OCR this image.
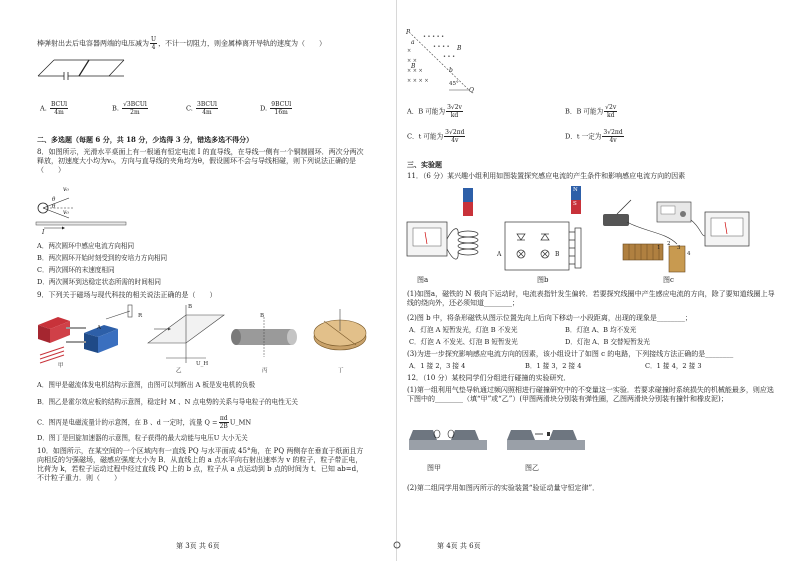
棒弹射出去后电容器两端的电压减为 $\frac{U}{4}$ ，不计一切阻力，则金属棒离开导轨的速度为（　　）
A. $\frac{\text{BCUl}}{4m}$	B. $\frac{\text{√3BCUl}}{2m}$	C. $\frac{\text{3BCUl}}{4m}$	D. $\frac{\text{9BCUl}}{16m}$
二、多选题（每题 6 分，共 18 分，少选得 3 分，错选多选不得分）
8．如图所示，光滑水平桌面上有一根通有恒定电流 I 的直导线，在导线一侧有一个铜制圆环．两次分两次释放，初速度大小均为v₀，方向与直导线的夹角均为θ，假设圆环不会与导线相碰，则下列说法正确的是（　　）
v₀
v₀
θ
θ
I
A．两次圆环中感应电流方向相同
B．两次圆环开始时刻受到的安培力方向相同
C．两次圆环的末速度相同
D．两次圆环到达稳定状态所需的时间相同
9．下列关于磁场与现代科技的相关说法正确的是（　　）
N
R
A
甲
B
U_H
乙
B
丙	丁
A．图甲是磁流体发电机结构示意图，由图可以判断出 A 板是发电机的负极
B．图乙是霍尔效应板的结构示意图，稳定时 M 、N 点电势的关系与导电粒子的电性无关
C．图丙是电磁流量计的示意图，在 B 、d 一定时，流量 $Q = \frac{\pi d}{2B}$ U_MN
D．图丁是回旋加速器的示意图，粒子获得的最大动能与电压U 大小无关
10．如图所示，在某空间的一个区域内有一直线 PQ 与水平面成 45°角，在 PQ 两侧存在垂直于纸面且方向相反的匀强磁场，磁感应强度大小为 B．从直线上的 a 点水平向右射出速率为 v 的粒子，粒子带正电，比荷为 k，若粒子运动过程中经过直线 PQ 上的 b 点，粒子从 a 点运动到 b 点的时间为 t．已知 ab=d，不计粒子重力．则（　　）
第 3页 共 6页
• • • • •
• • • •
• • •
×
× ×
× × ×
× × × ×
P
a
b
B
B
45°
Q
A．B 可能为 $\frac{3√2v}{kd}$	B．B 可能为 $\frac{√2v}{kd}$
C．t 可能为 $\frac{3√2\pi d}{4v}$	D．t 一定为 $\frac{3√2\pi d}{4v}$
三、实验题
11．（6 分）某兴趣小组利用如图装置探究感应电流的产生条件和影响感应电流方向的因素
S
N
N
S
A	B
1
2
3
4
图a	图b	图c
(1)如图a，磁铁的 N 极向下运动时，电流表指针发生偏转．若要探究线圈中产生感应电流的方向，除了要知道线圈上导线的绕向外，还必须知道________；
(2)图 b 中，将条形磁铁从图示位置先向上后向下移动一小段距离，出现的现象是________；
A．灯泡 A 短暂发光，灯泡 B 不发光	B．灯泡 A、B 均不发光
C．灯泡 A 不发光、灯泡 B 短暂发光	D．灯泡 A、B 交替短暂发光
(3)为进一步探究影响感应电流方向的因素，该小组设计了如图 c 的电路，下列接线方法正确的是________
A．1 接 2，3 接 4	B．1 接 3，2 接 4	C．1 接 4，2 接 3
12．（10 分）某校同学们分组进行碰撞的实验研究．
(1)第一组利用气垫导轨通过频闪照相进行碰撞研究中的不变量这一实验．若要求碰撞时系统损失的机械能最多，则应选下图中的________（填“甲”或“乙”）(甲图两滑块分别装有弹性圈，乙图两滑块分别装有撞针和橡皮泥)；
图甲	图乙
(2)第二组同学用如图丙所示的实验装置“验证动量守恒定律”．
第 4页 共 6页
